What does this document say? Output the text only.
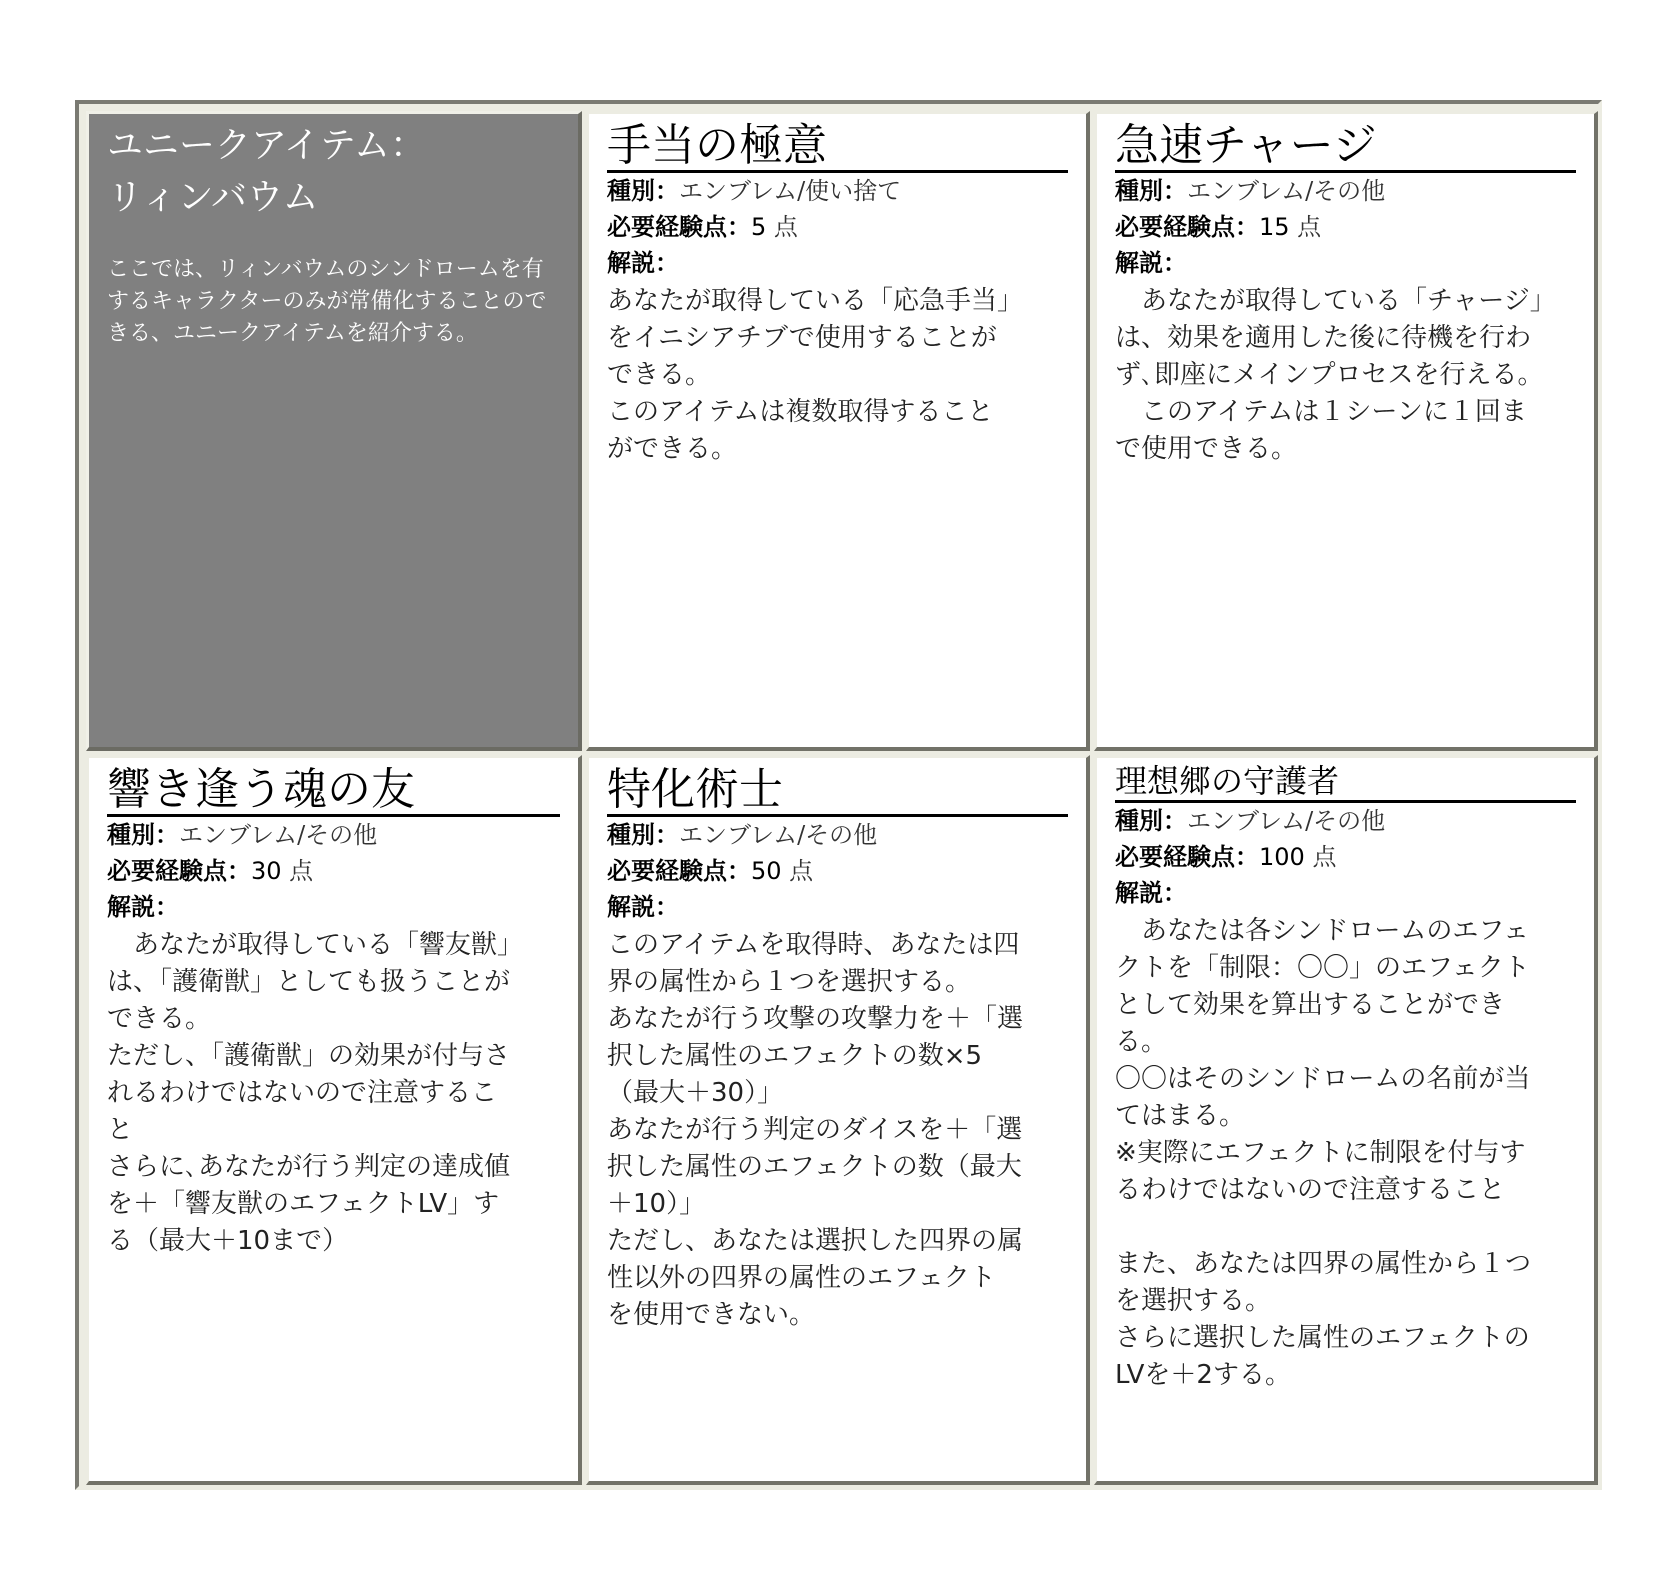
ユニークアイテム：
リィンバウム
ここでは、リィンバウムのシンドロームを有するキャラクターのみが常備化することのできる、ユニークアイテムを紹介する。
手当の極意
種別：エンブレム/使い捨て
必要経験点：5 点
解説：

あなたが取得している「応急手当」

をイニシアチブで使用することが

できる。

このアイテムは複数取得すること

ができる。

急速チャージ
種別：エンブレム/その他
必要経験点：15 点
解説：

　あなたが取得している「チャージ」

は、効果を適用した後に待機を行わ

ず､即座にメインプロセスを行える。

　このアイテムは１シーンに１回ま

で使用できる。

響き逢う魂の友
種別：エンブレム/その他
必要経験点：30 点
解説：

　あなたが取得している「響友獣」

は、「護衛獣」としても扱うことが

できる。

ただし、「護衛獣」の効果が付与さ

れるわけではないので注意するこ

と

さらに､あなたが行う判定の達成値

を＋「響友獣のエフェクトLV」す

る（最大＋10まで）

特化術士
種別：エンブレム/その他
必要経験点：50 点
解説：

このアイテムを取得時、あなたは四

界の属性から１つを選択する。

あなたが行う攻撃の攻撃力を＋「選

択した属性のエフェクトの数×5

（最大＋30）」

あなたが行う判定のダイスを＋「選

択した属性のエフェクトの数（最大

＋10）」

ただし、あなたは選択した四界の属

性以外の四界の属性のエフェクト

を使用できない。

理想郷の守護者
種別：エンブレム/その他
必要経験点：100 点
解説：

　あなたは各シンドロームのエフェ

クトを「制限：〇〇」のエフェクト

として効果を算出することができ

る。

〇〇はそのシンドロームの名前が当

てはまる。

※実際にエフェクトに制限を付与す

るわけではないので注意すること

また、あなたは四界の属性から１つ

を選択する。

さらに選択した属性のエフェクトの

LVを＋2する。
